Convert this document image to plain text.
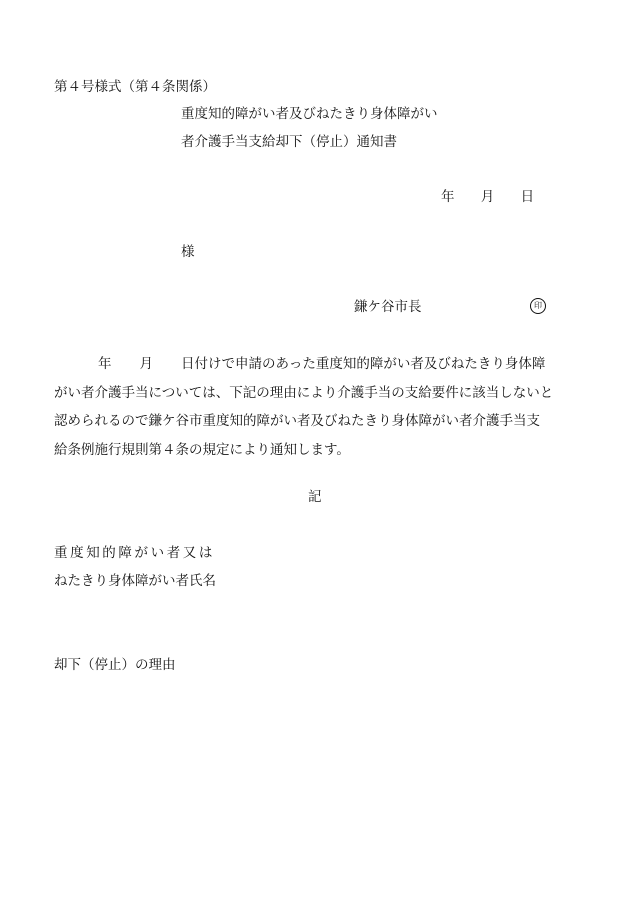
第４号様式（第４条関係）
重度知的障がい者及びねたきり身体障がい
者介護手当支給却下（停止）通知書
年 月 日
様
鎌ケ谷市長	印
年 月 日付けで申請のあった重度知的障がい者及びねたきり身体障
がい者介護手当については、下記の理由により介護手当の支給要件に該当しないと
認められるので鎌ケ谷市重度知的障がい者及びねたきり身体障がい者介護手当支
給条例施行規則第４条の規定により通知します。
記
重度知的障がい者又は
ねたきり身体障がい者氏名
却下（停止）の理由
